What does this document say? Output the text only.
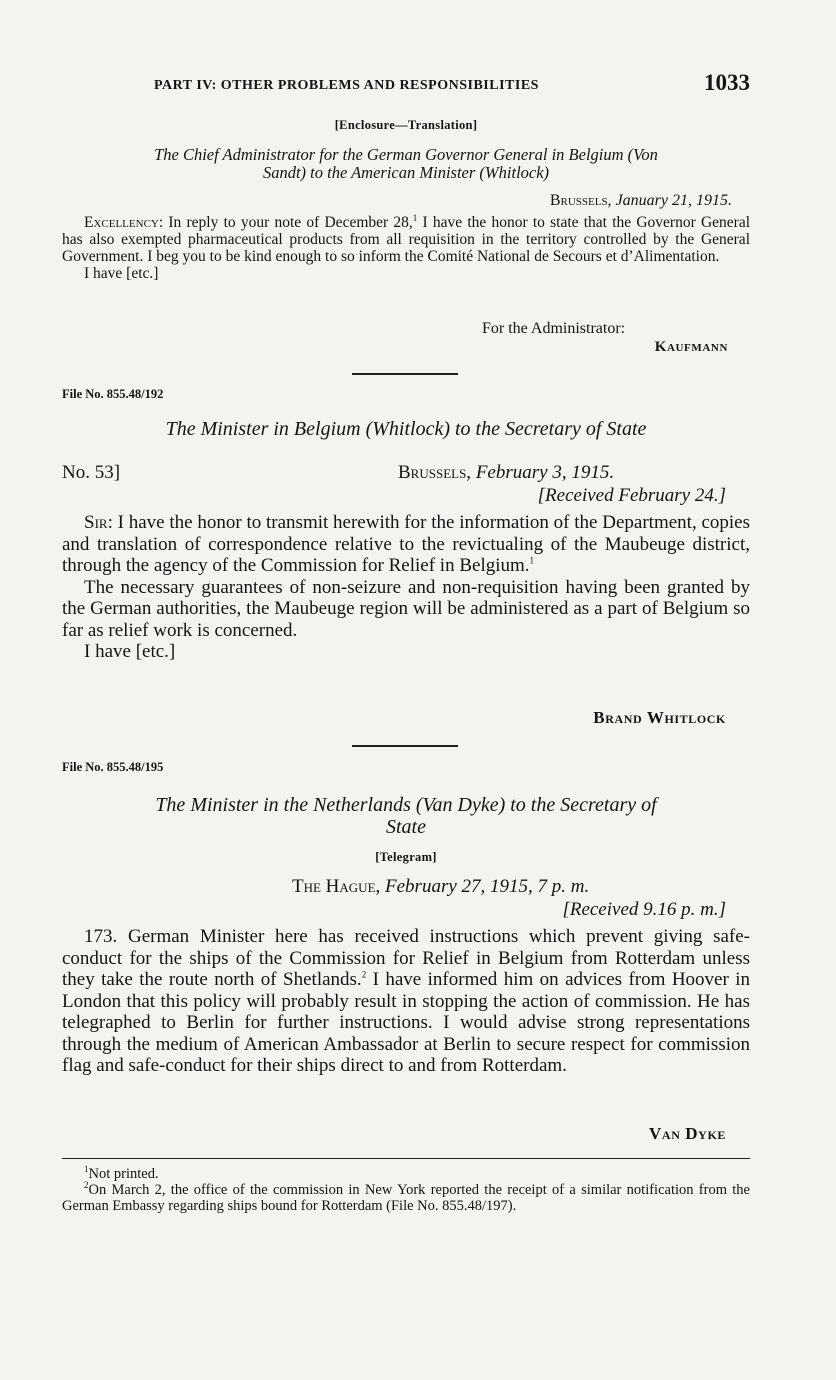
PART IV: OTHER PROBLEMS AND RESPONSIBILITIES	1033
[Enclosure—Translation]
The Chief Administrator for the German Governor General in Belgium (Von
Sandt) to the American Minister (Whitlock)
Brussels, January 21, 1915.

Excellency: In reply to your note of December 28,$^1$ I have the honor to state that the Governor General has also exempted pharmaceutical products from all requisition in the territory controlled by the General Government. I beg you to be kind enough to so inform the Comité National de Secours et d’Alimentation.

I have [etc.]

For the Administrator:
Kaufmann
File No. 855.48/192
The Minister in Belgium (Whitlock) to the Secretary of State
No. 53]	Brussels, February 3, 1915.
[Received February 24.]

Sir: I have the honor to transmit herewith for the information of the Department, copies and translation of correspondence relative to the revictualing of the Maubeuge district, through the agency of the Commission for Relief in Belgium.$^1$

The necessary guarantees of non-seizure and non-requisition having been granted by the German authorities, the Maubeuge region will be administered as a part of Belgium so far as relief work is concerned.

I have [etc.]

Brand Whitlock
File No. 855.48/195
The Minister in the Netherlands (Van Dyke) to the Secretary of
State
[Telegram]
The Hague, February 27, 1915, 7 p. m.
[Received 9.16 p. m.]

173. German Minister here has received instructions which prevent giving safe-conduct for the ships of the Commission for Relief in Belgium from Rotterdam unless they take the route north of Shetlands.$^2$ I have informed him on advices from Hoover in London that this policy will probably result in stopping the action of commission. He has telegraphed to Berlin for further instructions. I would advise strong representations through the medium of American Ambassador at Berlin to secure respect for commission flag and safe-conduct for their ships direct to and from Rotterdam.

Van Dyke

$^1$Not printed.

$^2$On March 2, the office of the commission in New York reported the receipt of a similar notification from the German Embassy regarding ships bound for Rotterdam (File No. 855.48/197).
